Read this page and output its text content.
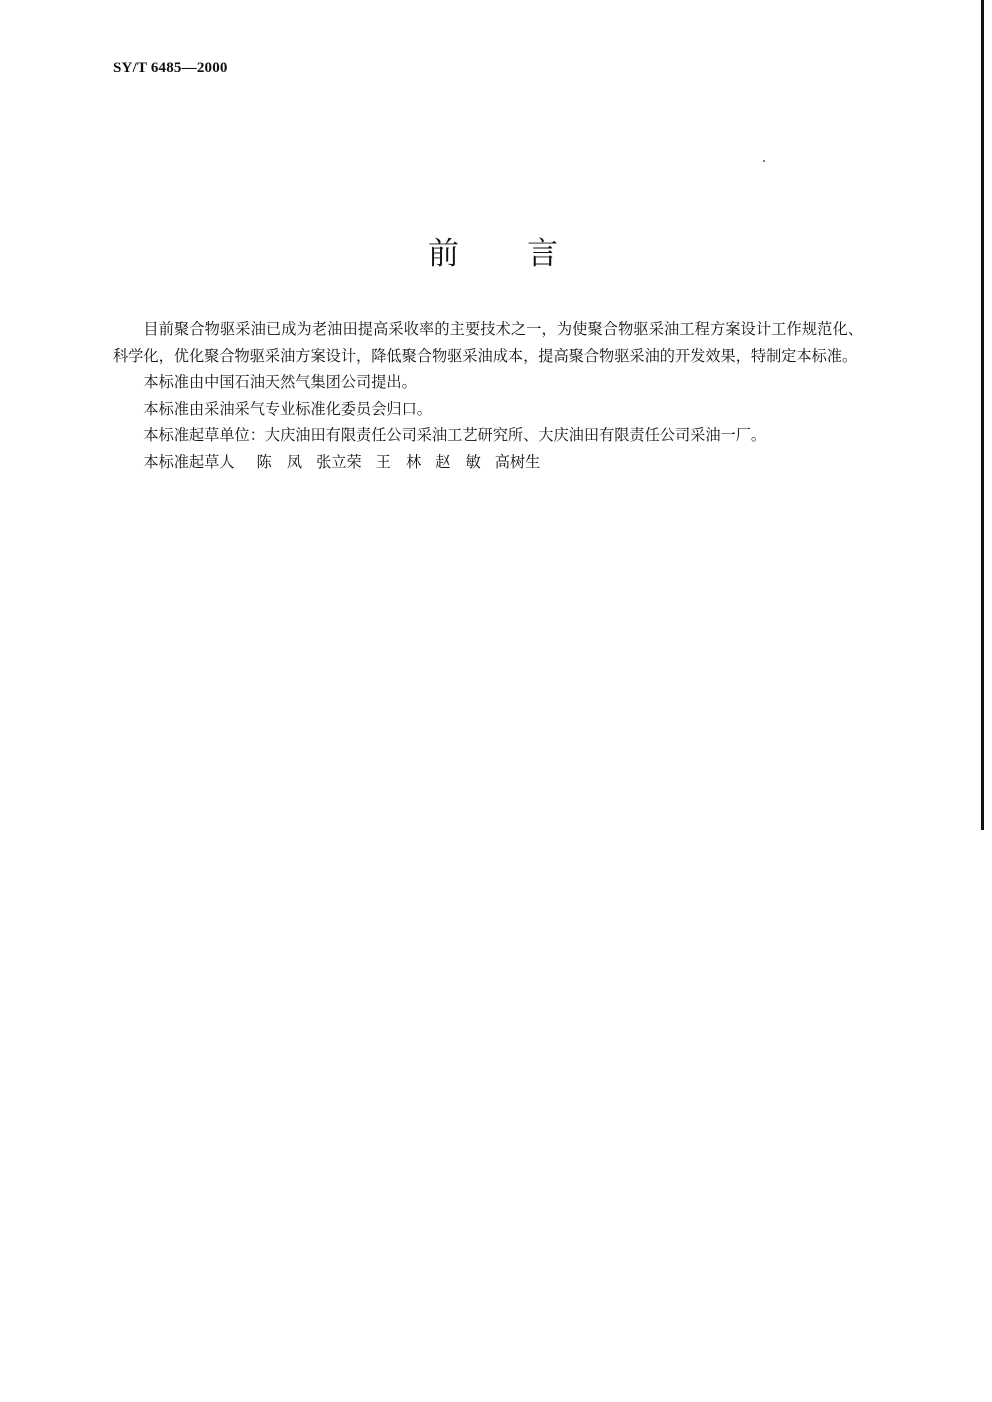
SY/T 6485—2000
前言

目前聚合物驱采油已成为老油田提高采收率的主要技术之一，为使聚合物驱采油工程方案设计工作规范化、科学化，优化聚合物驱采油方案设计，降低聚合物驱采油成本，提高聚合物驱采油的开发效果，特制定本标准。

本标准由中国石油天然气集团公司提出。

本标准由采油采气专业标准化委员会归口。

本标准起草单位：大庆油田有限责任公司采油工艺研究所、大庆油田有限责任公司采油一厂。

本标准起草人 陈　凤 张立荣 王　林 赵　敏 高树生
